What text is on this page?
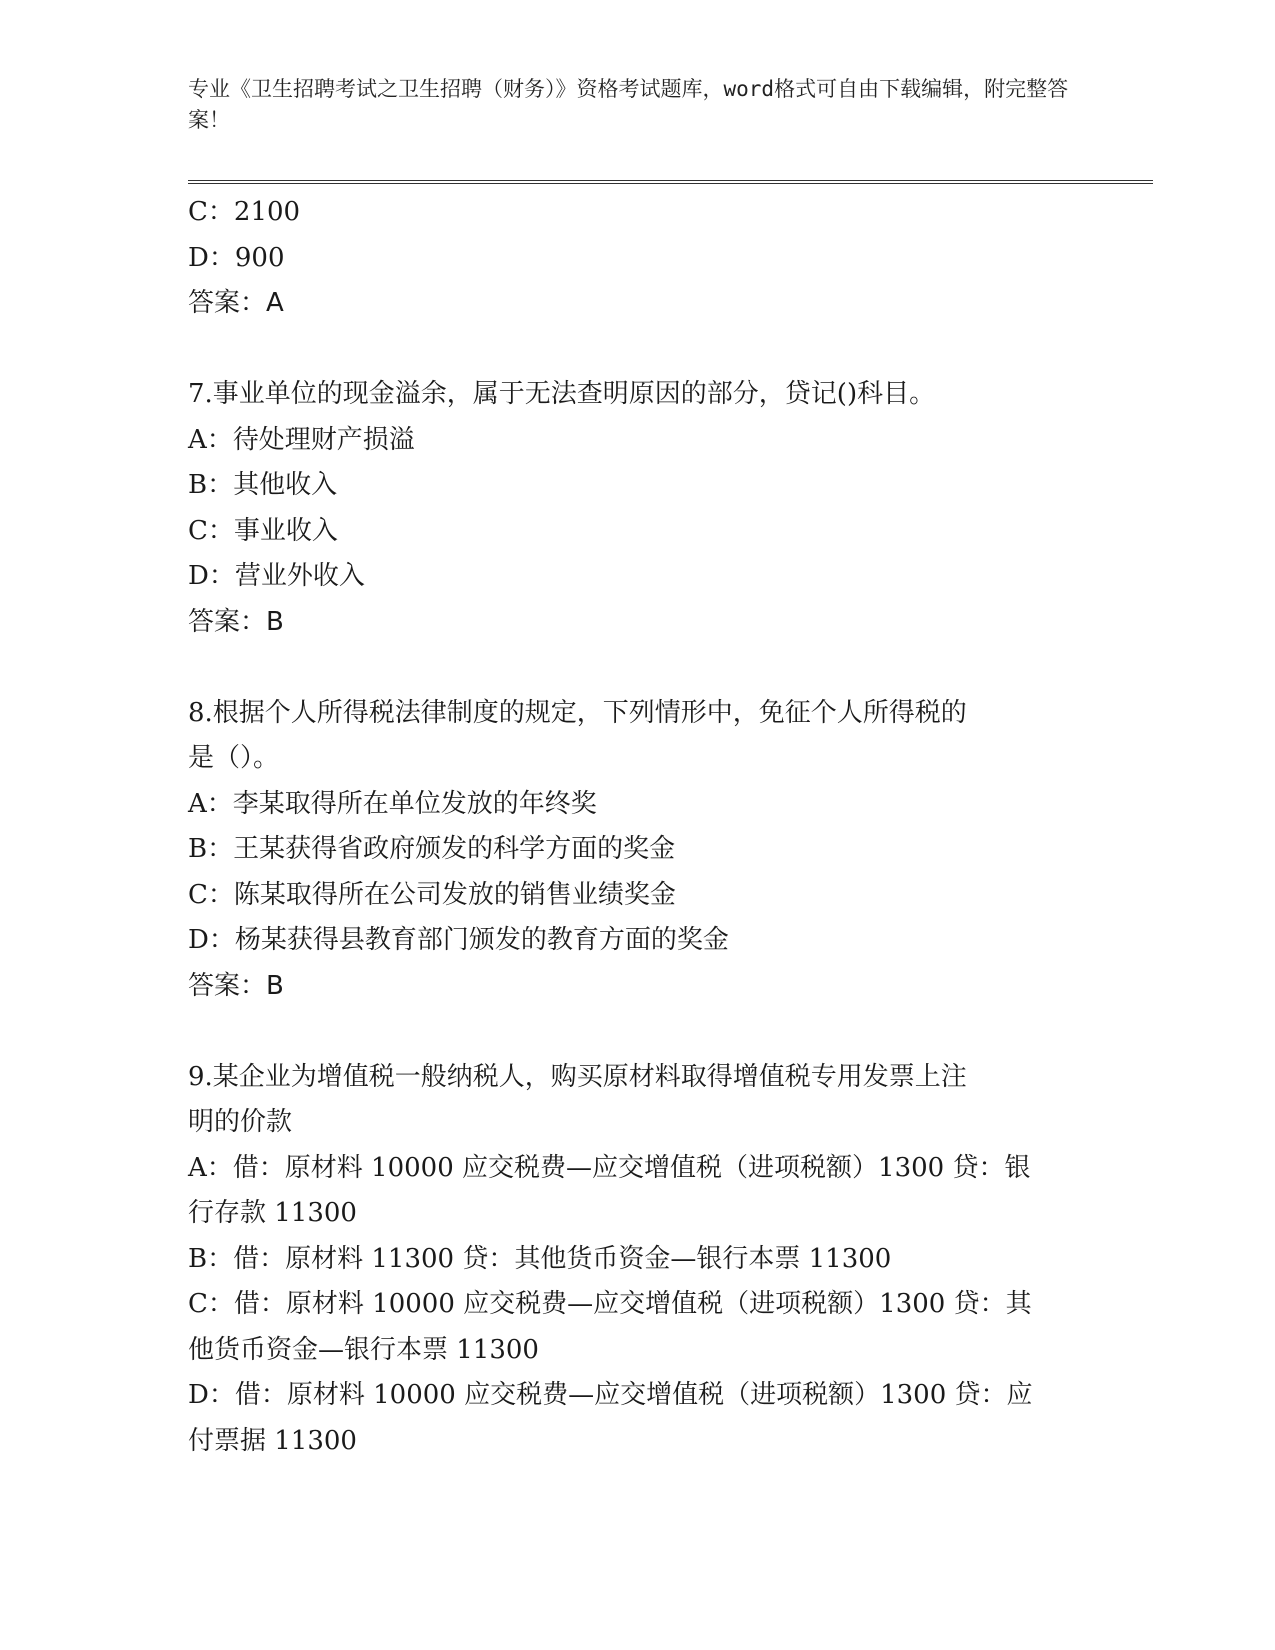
专业《卫生招聘考试之卫生招聘（财务）》资格考试题库，word格式可自由下载编辑，附完整答案！
C：2100
D：900
答案：A
7.事业单位的现金溢余，属于无法查明原因的部分，贷记()科目。
A：待处理财产损溢
B：其他收入
C：事业收入
D：营业外收入
答案：B
8.根据个人所得税法律制度的规定，下列情形中，免征个人所得税的
是（）。
A：李某取得所在单位发放的年终奖
B：王某获得省政府颁发的科学方面的奖金
C：陈某取得所在公司发放的销售业绩奖金
D：杨某获得县教育部门颁发的教育方面的奖金
答案：B
9.某企业为增值税一般纳税人，购买原材料取得增值税专用发票上注
明的价款
A：借：原材料 10000 应交税费—应交增值税（进项税额）1300 贷：银
行存款 11300
B：借：原材料 11300 贷：其他货币资金—银行本票 11300
C：借：原材料 10000 应交税费—应交增值税（进项税额）1300 贷：其
他货币资金—银行本票 11300
D：借：原材料 10000 应交税费—应交增值税（进项税额）1300 贷：应
付票据 11300
